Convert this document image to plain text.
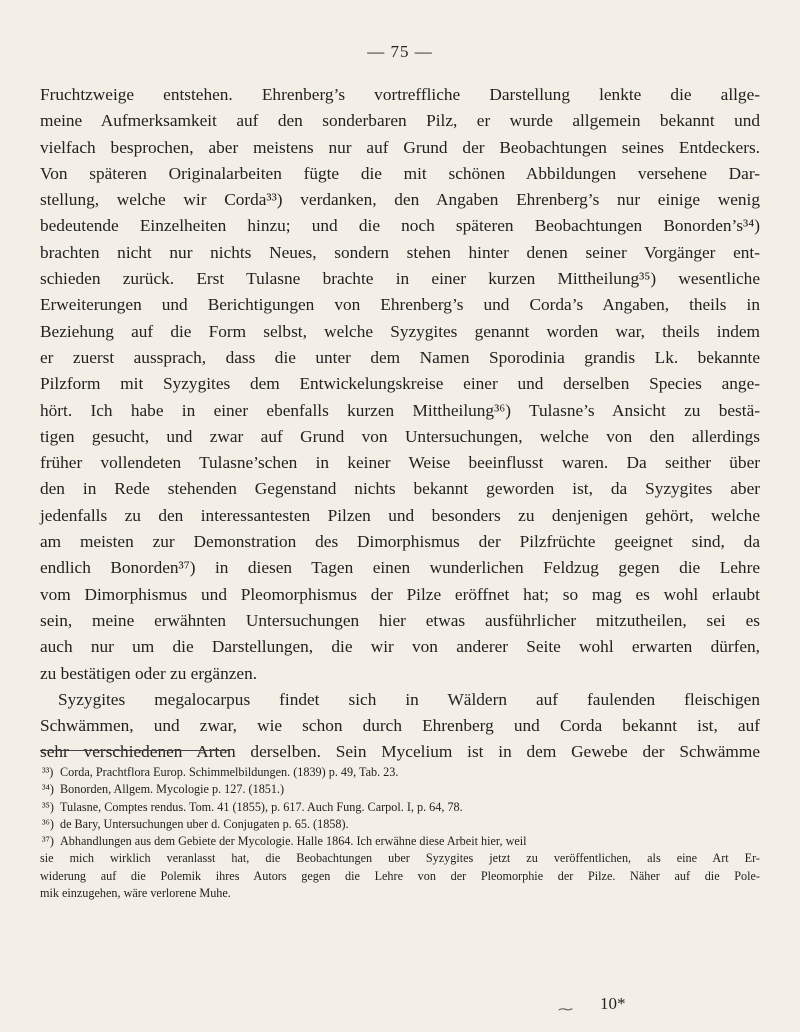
— 75 —
Fruchtzweige entstehen. Ehrenberg’s vortreffliche Darstellung lenkte die allge-
meine Aufmerksamkeit auf den sonderbaren Pilz, er wurde allgemein bekannt und
vielfach besprochen, aber meistens nur auf Grund der Beobachtungen seines Entdeckers.
Von späteren Originalarbeiten fügte die mit schönen Abbildungen versehene Dar-
stellung, welche wir Corda³³) verdanken, den Angaben Ehrenberg’s nur einige wenig
bedeutende Einzelheiten hinzu; und die noch späteren Beobachtungen Bonorden’s³⁴)
brachten nicht nur nichts Neues, sondern stehen hinter denen seiner Vorgänger ent-
schieden zurück. Erst Tulasne brachte in einer kurzen Mittheilung³⁵) wesentliche
Erweiterungen und Berichtigungen von Ehrenberg’s und Corda’s Angaben, theils in
Beziehung auf die Form selbst, welche Syzygites genannt worden war, theils indem
er zuerst aussprach, dass die unter dem Namen Sporodinia grandis Lk. bekannte
Pilzform mit Syzygites dem Entwickelungskreise einer und derselben Species ange-
hört. Ich habe in einer ebenfalls kurzen Mittheilung³⁶) Tulasne’s Ansicht zu bestä-
tigen gesucht, und zwar auf Grund von Untersuchungen, welche von den allerdings
früher vollendeten Tulasne’schen in keiner Weise beeinflusst waren. Da seither über
den in Rede stehenden Gegenstand nichts bekannt geworden ist, da Syzygites aber
jedenfalls zu den interessantesten Pilzen und besonders zu denjenigen gehört, welche
am meisten zur Demonstration des Dimorphismus der Pilzfrüchte geeignet sind, da
endlich Bonorden³⁷) in diesen Tagen einen wunderlichen Feldzug gegen die Lehre
vom Dimorphismus und Pleomorphismus der Pilze eröffnet hat; so mag es wohl erlaubt
sein, meine erwähnten Untersuchungen hier etwas ausführlicher mitzutheilen, sei es
auch nur um die Darstellungen, die wir von anderer Seite wohl erwarten dürfen,
zu bestätigen oder zu ergänzen.
Syzygites megalocarpus findet sich in Wäldern auf faulenden fleischigen
Schwämmen, und zwar, wie schon durch Ehrenberg und Corda bekannt ist, auf
sehr verschiedenen Arten derselben. Sein Mycelium ist in dem Gewebe der Schwämme
³³) Corda, Prachtflora Europ. Schimmelbildungen. (1839) p. 49, Tab. 23.
³⁴) Bonorden, Allgem. Mycologie p. 127. (1851.)
³⁵) Tulasne, Comptes rendus. Tom. 41 (1855), p. 617. Auch Fung. Carpol. I, p. 64, 78.
³⁶) de Bary, Untersuchungen uber d. Conjugaten p. 65. (1858).
³⁷) Abhandlungen aus dem Gebiete der Mycologie. Halle 1864. Ich erwähne diese Arbeit hier, weil
sie mich wirklich veranlasst hat, die Beobachtungen uber Syzygites jetzt zu veröffentlichen, als eine Art Er-
widerung auf die Polemik ihres Autors gegen die Lehre von der Pleomorphie der Pilze. Näher auf die Pole-
mik einzugehen, wäre verlorene Muhe.
⁓ 10*
